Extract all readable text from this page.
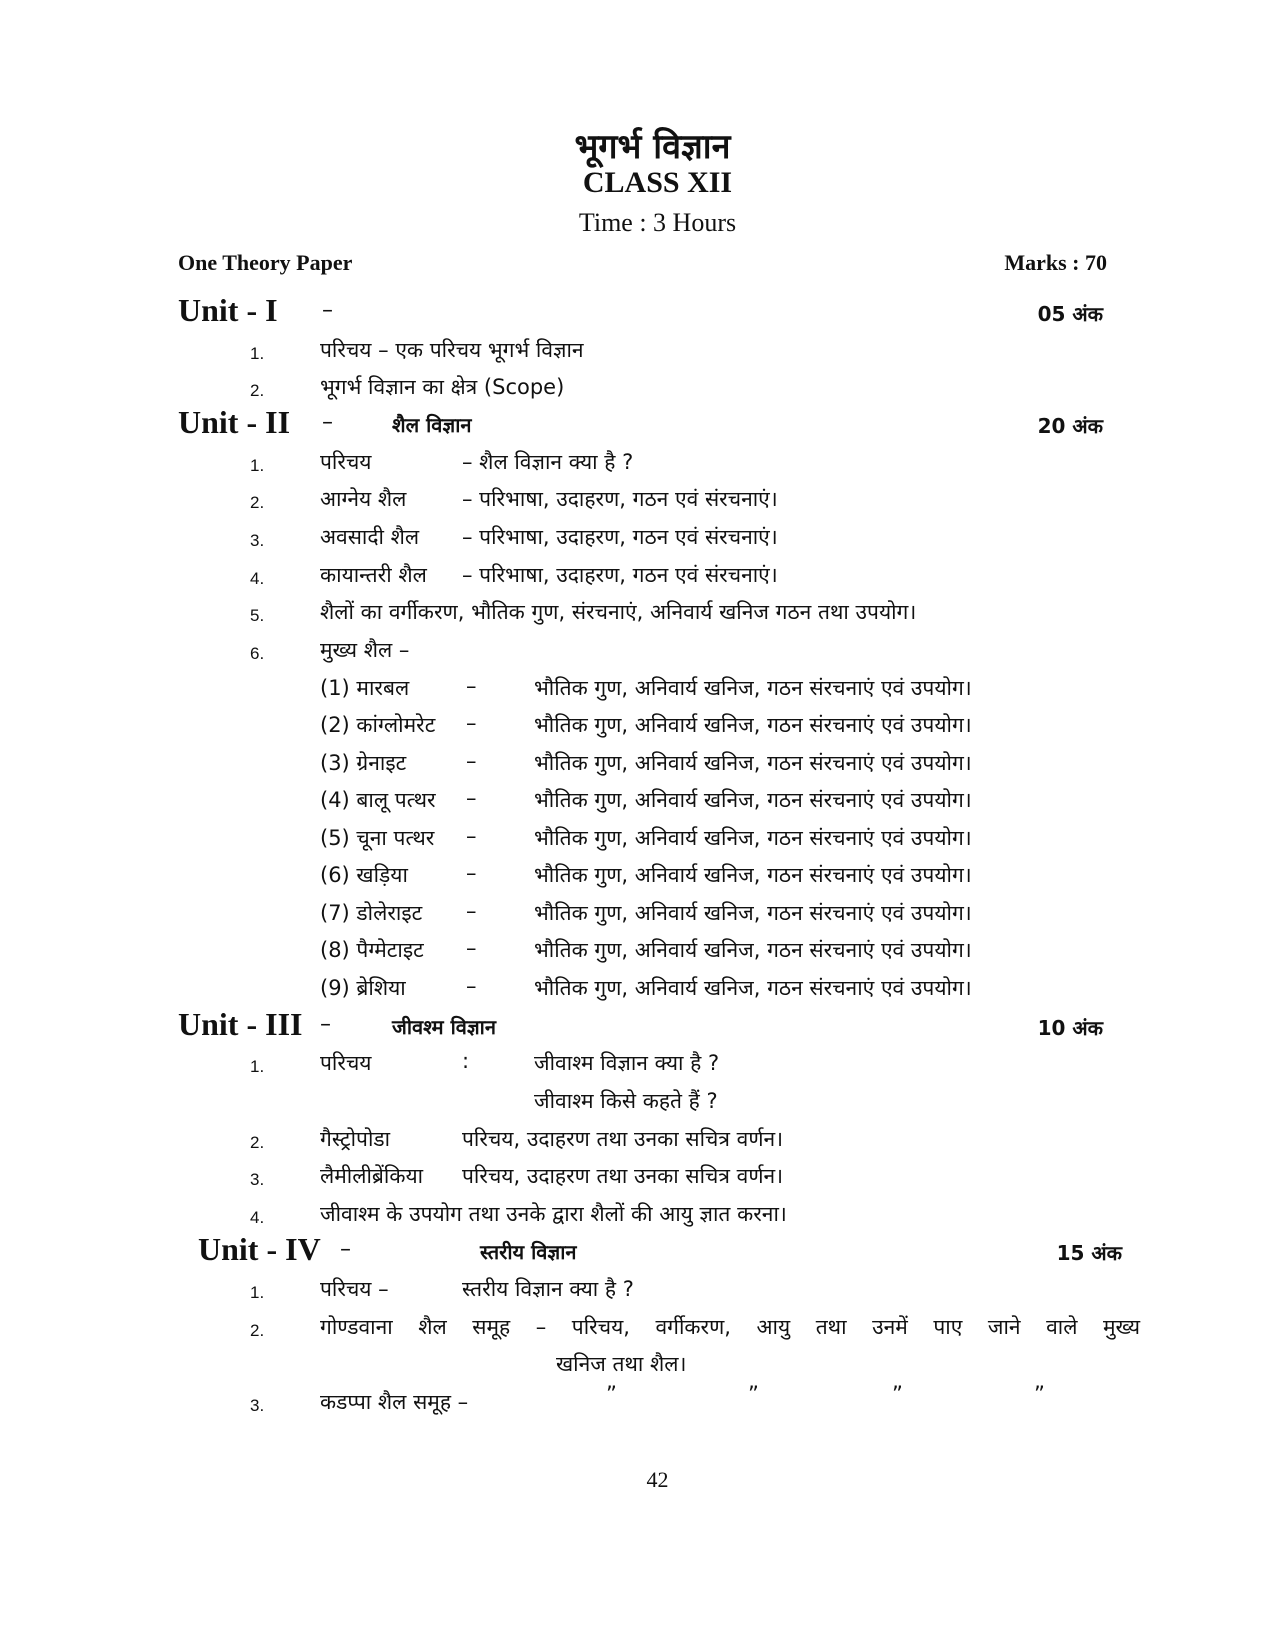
भूगर्भ विज्ञान
CLASS XII
Time : 3 Hours
One Theory Paper	Marks : 70
Unit - I –	05 अंक
1.	परिचय – एक परिचय भूगर्भ विज्ञान
2.	भूगर्भ विज्ञान का क्षेत्र (Scope)
Unit - II –	शैल विज्ञान	20 अंक
1.	परिचय	– शैल विज्ञान क्या है ?
2.	आग्नेय शैल	– परिभाषा, उदाहरण, गठन एवं संरचनाएं।
3.	अवसादी शैल – परिभाषा, उदाहरण, गठन एवं संरचनाएं।
4.	कायान्तरी शैल – परिभाषा, उदाहरण, गठन एवं संरचनाएं।
5.	शैलों का वर्गीकरण, भौतिक गुण, संरचनाएं, अनिवार्य खनिज गठन तथा उपयोग।
6.	मुख्य शैल –
(1) मारबल	–	भौतिक गुण, अनिवार्य खनिज, गठन संरचनाएं एवं उपयोग।
(2) कांग्लोमरेट –	भौतिक गुण, अनिवार्य खनिज, गठन संरचनाएं एवं उपयोग।
(3) ग्रेनाइट	–	भौतिक गुण, अनिवार्य खनिज, गठन संरचनाएं एवं उपयोग।
(4) बालू पत्थर –	भौतिक गुण, अनिवार्य खनिज, गठन संरचनाएं एवं उपयोग।
(5) चूना पत्थर –	भौतिक गुण, अनिवार्य खनिज, गठन संरचनाएं एवं उपयोग।
(6) खड़िया	–	भौतिक गुण, अनिवार्य खनिज, गठन संरचनाएं एवं उपयोग।
(7) डोलेराइट –	भौतिक गुण, अनिवार्य खनिज, गठन संरचनाएं एवं उपयोग।
(8) पैग्मेटाइट –	भौतिक गुण, अनिवार्य खनिज, गठन संरचनाएं एवं उपयोग।
(9) ब्रेशिया	–	भौतिक गुण, अनिवार्य खनिज, गठन संरचनाएं एवं उपयोग।
Unit - III –	जीवश्म विज्ञान	10 अंक
1.	परिचय	:	जीवाश्म विज्ञान क्या है ?
जीवाश्म किसे कहते हैं ?
2.	गैस्ट्रोपोडा	परिचय, उदाहरण तथा उनका सचित्र वर्णन।
3.	लैमीलीब्रेंकिया परिचय, उदाहरण तथा उनका सचित्र वर्णन।
4.	जीवाश्म के उपयोग तथा उनके द्वारा शैलों की आयु ज्ञात करना।
Unit - IV –	स्तरीय विज्ञान	15 अंक
1.	परिचय –	स्तरीय विज्ञान क्या है ?
2.	गोण्डवाना शैल समूह – परिचय, वर्गीकरण, आयु तथा उनमें पाए जाने वाले मुख्य
खनिज तथा शैल।
3.	कडप्पा शैल समूह –	”	”	”	”
42
